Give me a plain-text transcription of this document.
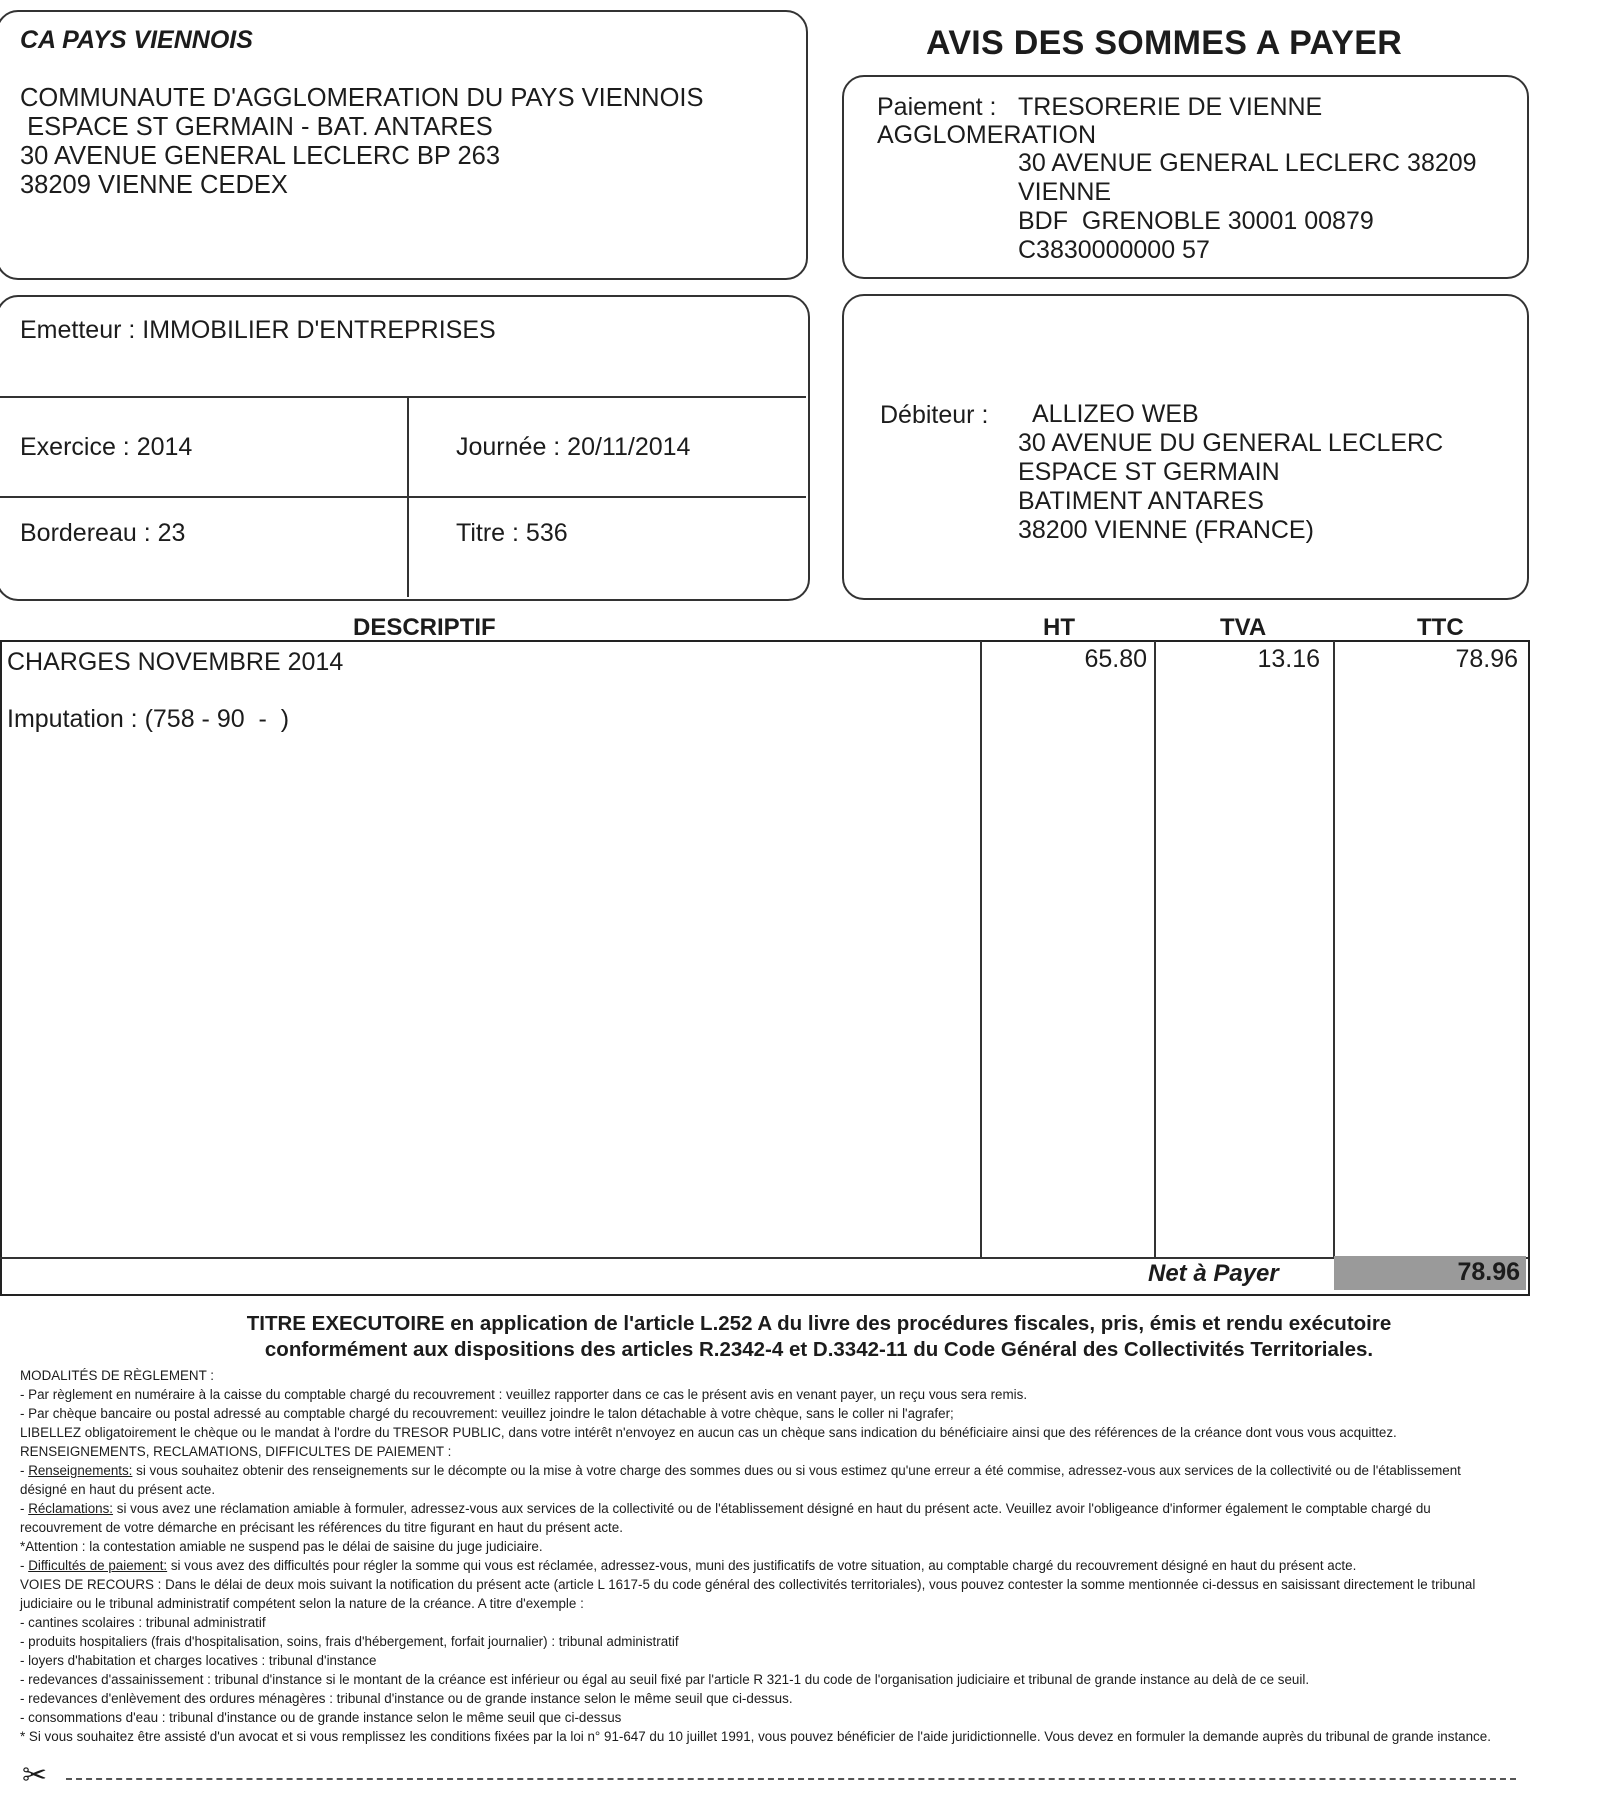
CA PAYS VIENNOIS
COMMUNAUTE D'AGGLOMERATION DU PAYS VIENNOIS
ESPACE ST GERMAIN - BAT. ANTARES
30 AVENUE GENERAL LECLERC BP 263
38209 VIENNE CEDEX
AVIS DES SOMMES A PAYER
Paiement : TRESORERIE DE VIENNE
AGGLOMERATION
30 AVENUE GENERAL LECLERC 38209
VIENNE
BDF  GRENOBLE 30001 00879
C3830000000 57
Emetteur : IMMOBILIER D'ENTREPRISES
Exercice : 2014	Journée : 20/11/2014
Bordereau : 23	Titre : 536
Débiteur :	ALLIZEO WEB
30 AVENUE DU GENERAL LECLERC
ESPACE ST GERMAIN
BATIMENT ANTARES
38200 VIENNE (FRANCE)
DESCRIPTIF	HT	TVA	TTC
CHARGES NOVEMBRE 2014
Imputation : (758 - 90  -  )
65.80	13.16	78.96
Net à Payer	78.96
TITRE EXECUTOIRE en application de l'article L.252 A du livre des procédures fiscales, pris, émis et rendu exécutoire
conformément aux dispositions des articles R.2342-4 et D.3342-11 du Code Général des Collectivités Territoriales.
MODALITÉS DE RÈGLEMENT :
- Par règlement en numéraire à la caisse du comptable chargé du recouvrement : veuillez rapporter dans ce cas le présent avis en venant payer, un reçu vous sera remis.
- Par chèque bancaire ou postal adressé au comptable chargé du recouvrement: veuillez joindre le talon détachable à votre chèque, sans le coller ni l'agrafer;
LIBELLEZ obligatoirement le chèque ou le mandat à l'ordre du TRESOR PUBLIC, dans votre intérêt n'envoyez en aucun cas un chèque sans indication du bénéficiaire ainsi que des références de la créance dont vous vous acquittez.
RENSEIGNEMENTS, RECLAMATIONS, DIFFICULTES DE PAIEMENT :
- Renseignements: si vous souhaitez obtenir des renseignements sur le décompte ou la mise à votre charge des sommes dues ou si vous estimez qu'une erreur a été commise, adressez-vous aux services de la collectivité ou de l'établissement
désigné en haut du présent acte.
- Réclamations: si vous avez une réclamation amiable à formuler, adressez-vous aux services de la collectivité ou de l'établissement désigné en haut du présent acte. Veuillez avoir l'obligeance d'informer également le comptable chargé du
recouvrement de votre démarche en précisant les références du titre figurant en haut du présent acte.
*Attention : la contestation amiable ne suspend pas le délai de saisine du juge judiciaire.
- Difficultés de paiement: si vous avez des difficultés pour régler la somme qui vous est réclamée, adressez-vous, muni des justificatifs de votre situation, au comptable chargé du recouvrement désigné en haut du présent acte.
VOIES DE RECOURS : Dans le délai de deux mois suivant la notification du présent acte (article L 1617-5 du code général des collectivités territoriales), vous pouvez contester la somme mentionnée ci-dessus en saisissant directement le tribunal
judiciaire ou le tribunal administratif compétent selon la nature de la créance. A titre d'exemple :
- cantines scolaires : tribunal administratif
- produits hospitaliers (frais d'hospitalisation, soins, frais d'hébergement, forfait journalier) : tribunal administratif
- loyers d'habitation et charges locatives : tribunal d'instance
- redevances d'assainissement : tribunal d'instance si le montant de la créance est inférieur ou égal au seuil fixé par l'article R 321-1 du code de l'organisation judiciaire et tribunal de grande instance au delà de ce seuil.
- redevances d'enlèvement des ordures ménagères : tribunal d'instance ou de grande instance selon le même seuil que ci-dessus.
- consommations d'eau : tribunal d'instance ou de grande instance selon le même seuil que ci-dessus
* Si vous souhaitez être assisté d'un avocat et si vous remplissez les conditions fixées par la loi n° 91-647 du 10 juillet 1991, vous pouvez bénéficier de l'aide juridictionnelle. Vous devez en formuler la demande auprès du tribunal de grande instance.
✂
